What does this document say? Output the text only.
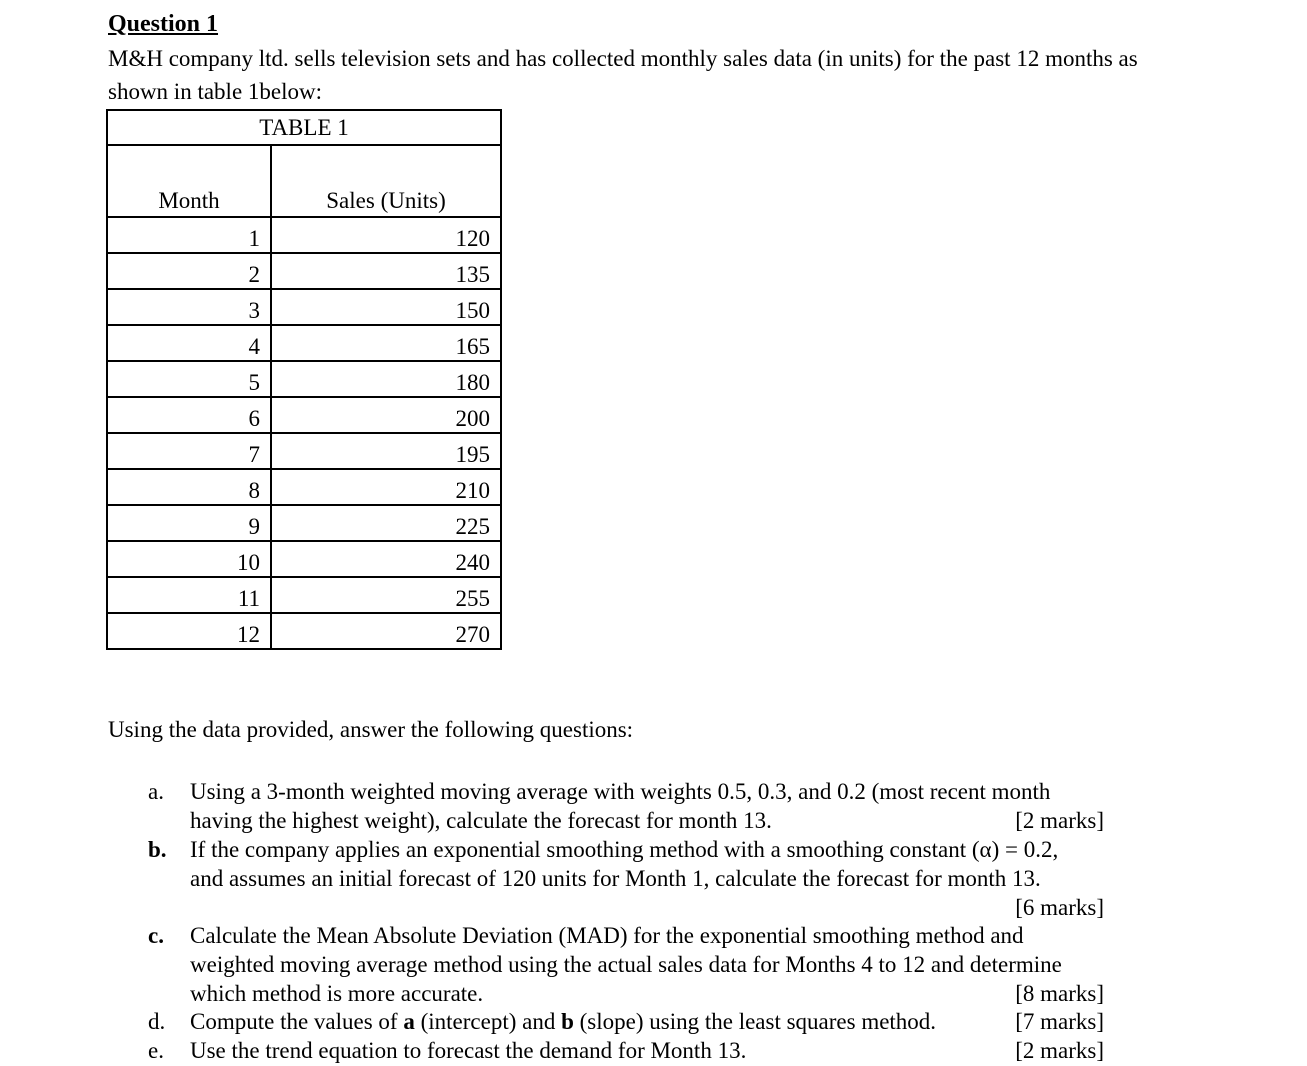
Question 1
M&H company ltd. sells television sets and has collected monthly sales data (in units) for the past 12 months as shown in table 1below:
TABLE 1	
Month	Sales (Units)
1	120
2	135
3	150
4	165
5	180
6	200
7	195
8	210
9	225
10	240
11	255
12	270
Using the data provided, answer the following questions:
a.	Using a 3-month weighted moving average with weights 0.5, 0.3, and 0.2 (most recent month
having the highest weight), calculate the forecast for month 13.	[2 marks]
b.	If the company applies an exponential smoothing method with a smoothing constant (α) = 0.2,
and assumes an initial forecast of 120 units for Month 1, calculate the forecast for month 13.
[6 marks]
c.	Calculate the Mean Absolute Deviation (MAD) for the exponential smoothing method and
weighted moving average method using the actual sales data for Months 4 to 12 and determine
which method is more accurate.	[8 marks]
d.	Compute the values of a (intercept) and b (slope) using the least squares method.	[7 marks]
e.	Use the trend equation to forecast the demand for Month 13.	[2 marks]
